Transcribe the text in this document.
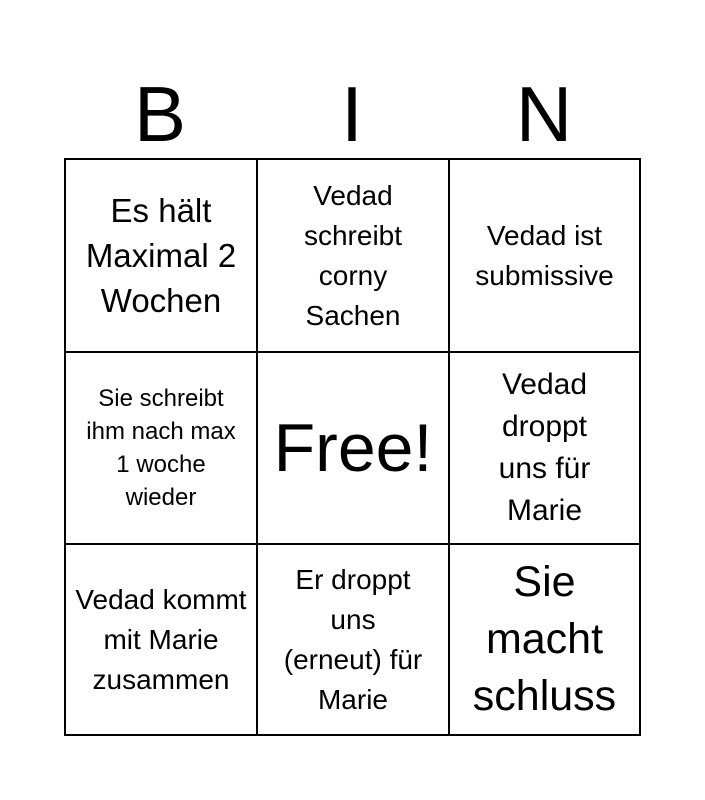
B	I	N
Es hält Maximal 2 Wochen
Vedad schreibt corny Sachen
Vedad ist submissive
Sie schreibt ihm nach max 1 woche wieder
Free!
Vedad droppt uns für Marie
Vedad kommt mit Marie zusammen
Er droppt uns (erneut) für Marie
Sie macht schluss
